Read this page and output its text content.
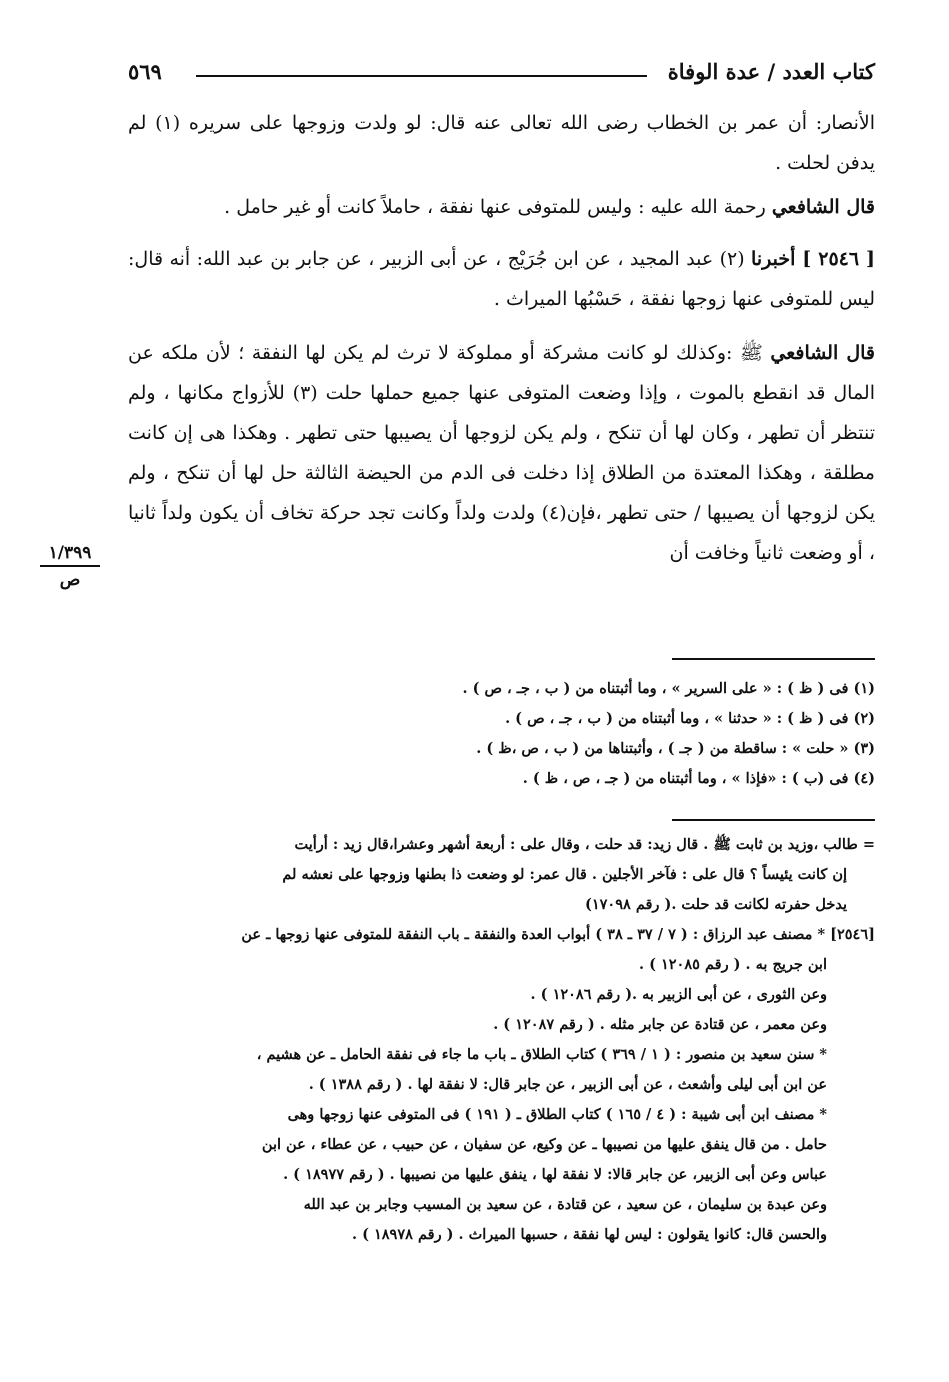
كتاب العدد / عدة الوفاة
٥٦٩

الأنصار: أن عمر بن الخطاب رضى الله تعالى عنه قال: لو ولدت وزوجها على سريره (١) لم يدفن لحلت .

قال الشافعي رحمة الله عليه : وليس للمتوفى عنها نفقة ، حاملاً كانت أو غير حامل .

[ ٢٥٤٦ ] أخبرنا (٢) عبد المجيد ، عن ابن جُرَيْج ، عن أبى الزبير ، عن جابر بن عبد الله: أنه قال: ليس للمتوفى عنها زوجها نفقة ، حَسْبُها الميراث .

قال الشافعي ﷺ :وكذلك لو كانت مشركة أو مملوكة لا ترث لم يكن لها النفقة ؛ لأن ملكه عن المال قد انقطع بالموت ، وإذا وضعت المتوفى عنها جميع حملها حلت (٣) للأزواج مكانها ، ولم تنتظر أن تطهر ، وكان لها أن تنكح ، ولم يكن لزوجها أن يصيبها حتى تطهر . وهكذا هى إن كانت مطلقة ، وهكذا المعتدة من الطلاق إذا دخلت فى الدم من الحيضة الثالثة حل لها أن تنكح ، ولم يكن لزوجها أن يصيبها / حتى تطهر ،فإن(٤) ولدت ولداً وكانت تجد حركة تخاف أن يكون ولداً ثانيا ، أو وضعت ثانياً وخافت أن

١/٣٩٩
ص
(١) فى ( ظ ) : « على السرير » ، وما أثبتناه من ( ب ، جـ ، ص ) .
(٢) فى ( ظ ) : « حدثنا » ، وما أثبتناه من ( ب ، جـ ، ص ) .
(٣) « حلت » : ساقطة من ( جـ ) ، وأثبتناها من ( ب ، ص ،ظ ) .
(٤) فى (ب ) : «فإذا » ، وما أثبتناه من ( جـ ، ص ، ظ ) .
= طالب ،وزيد بن ثابت ﷺ . قال زيد: قد حلت ، وقال على : أربعة أشهر وعشرا،قال زيد : أرأيت
إن كانت يئيساً ؟ قال على : فآخر الأجلين . قال عمر: لو وضعت ذا بطنها وزوجها على نعشه لم
يدخل حفرته لكانت قد حلت .( رقم ١٧٠٩٨)
[٢٥٤٦] * مصنف عبد الرزاق : ( ٧ / ٣٧ ـ ٣٨ ) أبواب العدة والنفقة ـ باب النفقة للمتوفى عنها زوجها ـ عن
ابن جريج به . ( رقم ١٢٠٨٥ ) .
وعن الثورى ، عن أبى الزبير به .( رقم ١٢٠٨٦ ) .
وعن معمر ، عن قتادة عن جابر مثله . ( رقم ١٢٠٨٧ ) .
* سنن سعيد بن منصور : ( ١ / ٣٦٩ ) كتاب الطلاق ـ باب ما جاء فى نفقة الحامل ـ عن هشيم ،
عن ابن أبى ليلى وأشعث ، عن أبى الزبير ، عن جابر قال: لا نفقة لها . ( رقم ١٣٨٨ ) .
* مصنف ابن أبى شيبة : ( ٤ / ١٦٥ ) كتاب الطلاق ـ ( ١٩١ ) فى المتوفى عنها زوجها وهى
حامل . من قال ينفق عليها من نصيبها ـ عن وكيع، عن سفيان ، عن حبيب ، عن عطاء ، عن ابن
عباس وعن أبى الزبير، عن جابر قالا: لا نفقة لها ، ينفق عليها من نصيبها . ( رقم ١٨٩٧٧ ) .
وعن عبدة بن سليمان ، عن سعيد ، عن قتادة ، عن سعيد بن المسيب وجابر بن عبد الله
والحسن قال: كانوا يقولون : ليس لها نفقة ، حسبها الميراث . ( رقم ١٨٩٧٨ ) .
